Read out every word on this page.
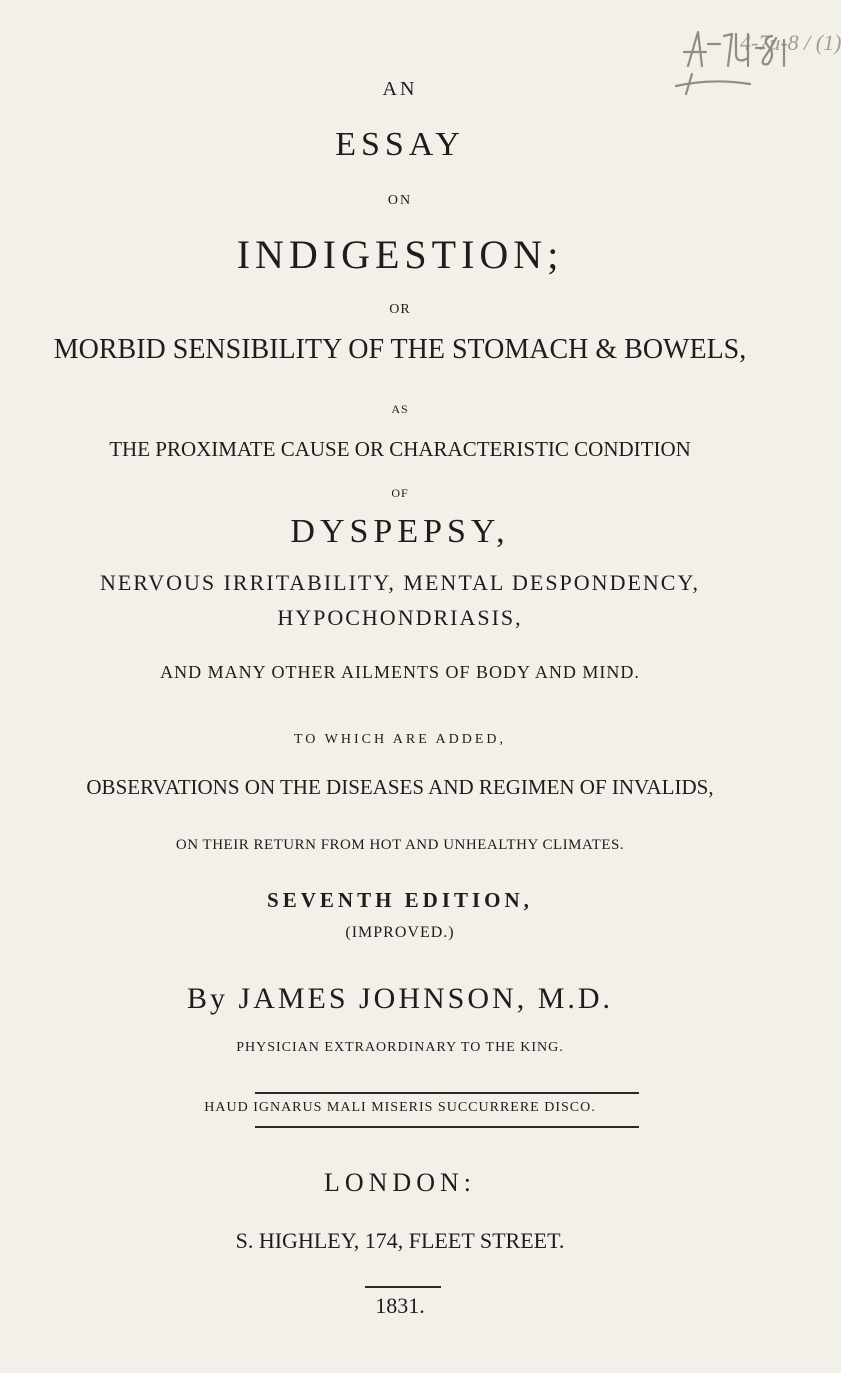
4-7u-8 / (1)
AN
ESSAY
ON
INDIGESTION;
OR
MORBID SENSIBILITY OF THE STOMACH & BOWELS,
AS
THE PROXIMATE CAUSE OR CHARACTERISTIC CONDITION
OF
DYSPEPSY,
NERVOUS IRRITABILITY, MENTAL DESPONDENCY,
HYPOCHONDRIASIS,
AND MANY OTHER AILMENTS OF BODY AND MIND.
TO WHICH ARE ADDED,
OBSERVATIONS ON THE DISEASES AND REGIMEN OF INVALIDS,
ON THEIR RETURN FROM HOT AND UNHEALTHY CLIMATES.
SEVENTH EDITION,
(IMPROVED.)
By JAMES JOHNSON, M.D.
PHYSICIAN EXTRAORDINARY TO THE KING.
HAUD IGNARUS MALI MISERIS SUCCURRERE DISCO.
LONDON:
S. HIGHLEY, 174, FLEET STREET.
1831.
